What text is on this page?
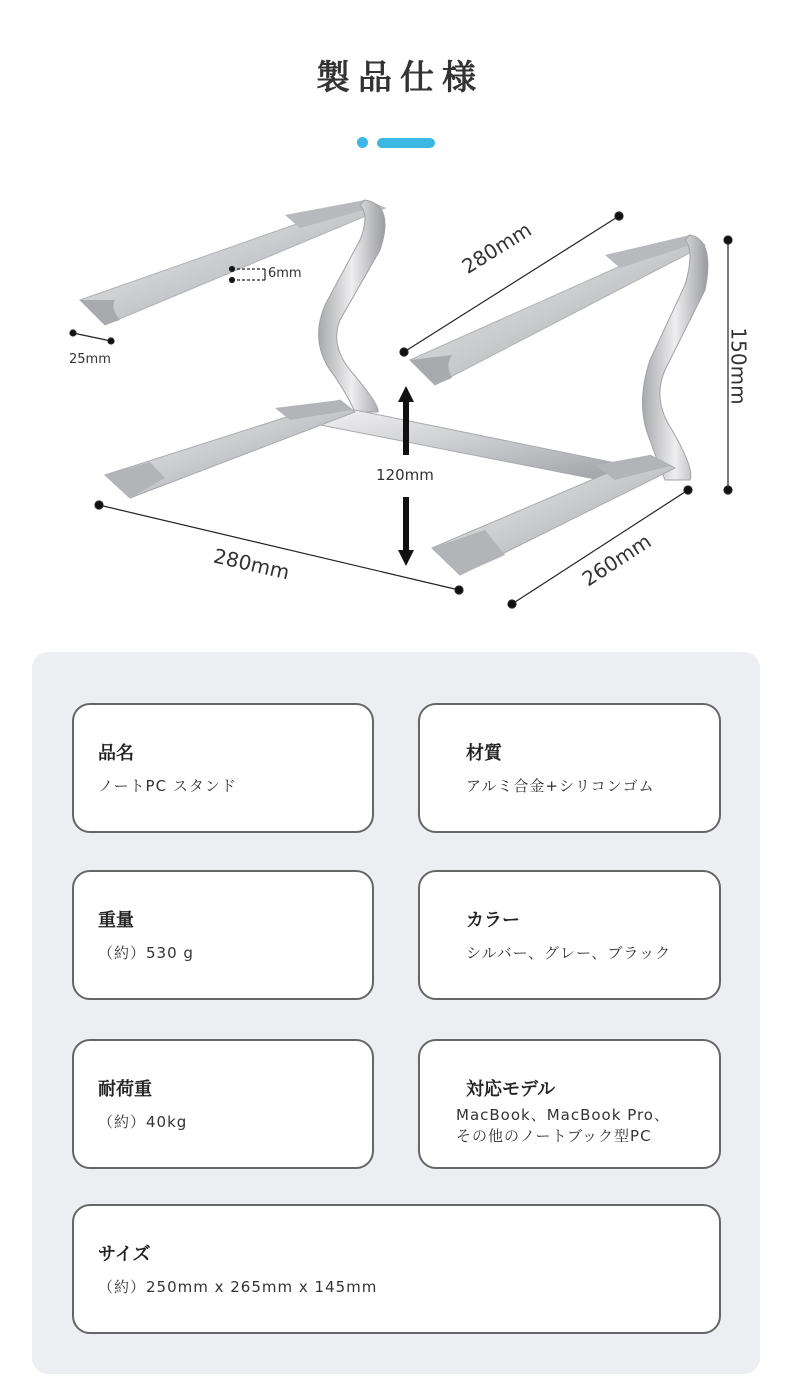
製品仕様
280mm
150mm
120mm
6mm
25mm
280mm	260mm
品名
ノートPC スタンド
材質
アルミ合金+シリコンゴム
重量
（約）530 g
カラー
シルバー、グレー、ブラック
耐荷重
（約）40kg
対応モデル
MacBook、MacBook Pro、
その他のノートブック型PC
サイズ
（約）250mm x 265mm x 145mm
